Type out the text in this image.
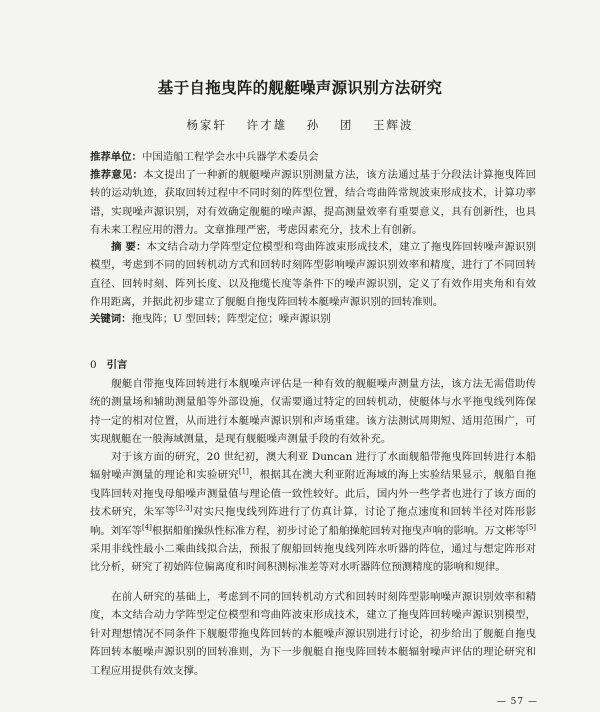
基于自拖曳阵的舰艇噪声源识别方法研究
杨家轩 许才雄 孙 团 王辉波
推荐单位：中国造船工程学会水中兵器学术委员会
推荐意见：本文提出了一种新的舰艇噪声源识别测量方法，该方法通过基于分段法计算拖曳阵回转的运动轨迹，获取回转过程中不同时刻的阵型位置，结合弯曲阵常规波束形成技术，计算功率谱，实现噪声源识别，对有效确定舰艇的噪声源，提高测量效率有重要意义，具有创新性，也具有未来工程应用的潜力。文章推理严密，考虑因素充分，技术上有创新。
摘 要：本文结合动力学阵型定位模型和弯曲阵波束形成技术，建立了拖曳阵回转噪声源识别模型，考虑到不同的回转机动方式和回转时刻阵型影响噪声源识别效率和精度，进行了不同回转直径、回转时刻、阵列长度、以及拖缆长度等条件下的噪声源识别，定义了有效作用夹角和有效作用距离，并据此初步建立了舰艇自拖曳阵回转本艇噪声源识别的回转准则。
关键词：拖曳阵；U 型回转；阵型定位；噪声源识别
0 引言
舰艇自带拖曳阵回转进行本舰噪声评估是一种有效的舰艇噪声测量方法，该方法无需借助传统的测量场和辅助测量船等外部设施，仅需要通过特定的回转机动，使艇体与水平拖曳线列阵保持一定的相对位置，从而进行本艇噪声源识别和声场重建。该方法测试周期短、适用范围广，可实现舰艇在一般海域测量，是现有舰艇噪声测量手段的有效补充。
对于该方面的研究，20 世纪初，澳大利亚 Duncan 进行了水面舰船带拖曳阵回转进行本船辐射噪声测量的理论和实验研究[1]，根据其在澳大利亚附近海域的海上实验结果显示，舰船自拖曳阵回转对拖曳母船噪声测量值与理论值一致性较好。此后，国内外一些学者也进行了该方面的技术研究，朱军等[2,3]对实尺拖曳线列阵进行了仿真计算，讨论了拖点速度和回转半径对阵形影响。刘军等[4]根据船舶操纵性标准方程，初步讨论了船舶操舵回转对拖曳声响的影响。万文彬等[5]采用非线性最小二乘曲线拟合法，预报了舰船回转拖曳线列阵水听器的阵位，通过与想定阵形对比分析，研究了初始阵位偏离度和时间积测标准差等对水听器阵位预测精度的影响和规律。
在前人研究的基础上，考虑到不同的回转机动方式和回转时刻阵型影响噪声源识别效率和精度，本文结合动力学阵型定位模型和弯曲阵波束形成技术，建立了拖曳阵回转噪声源识别模型，针对理想情况不同条件下舰艇带拖曳阵回转的本艇噪声源识别进行讨论，初步给出了舰艇自拖曳阵回转本艇噪声源识别的回转准则，为下一步舰艇自拖曳阵回转本艇辐射噪声评估的理论研究和工程应用提供有效支撑。
— 57 —
